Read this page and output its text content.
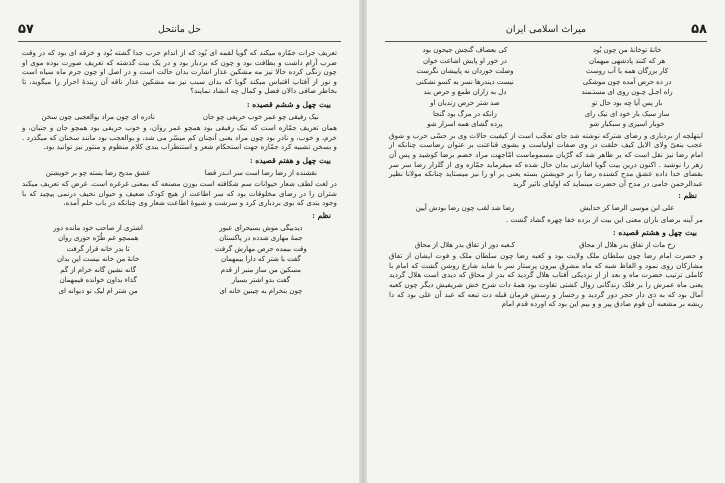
۵۷	حل مانتحل

تعریف جرات جمّازه میکند که گویا لقمه ای بُود که از اندام حرب جدا گشته بُود و خرقه ای بود که در وقت ضرب آرام داشت و بطافت بود و چون که بردبار بود و در یک بیت گذشته که تعریف صورت بوده موی او چون زنگی کرده حالا نیز مه مشکین عذار اشارت بدان حالت است و در اصل او چون جرم ماه سیاه است و نور از آفتاب اقتباس میکند گویا که بدان سبب نیز مه مشکین عذار ناقه آن زیندهٔ احرار را میگوید، تا بخاطر صافی دالان فضل و کمال چه انشاد نمایند؟

بیت چهل و ششم قصیده :
نیک رفیقی چو عمر خوب حریفی چو جان
نادره ای چون مراد بوالعجبی چون سخن

همان تعریف جمّازه است که نیک رفیقی بود همچو عمر روان، و خوب حریفی بود همچو جان و جنبان، و خرم، و خوب، و نادر بود چون مراد یعنی آنچنان کم میسّر می شد، و بوالعجب بود مانند سخنان که میگذرد . و بسخن تشبیه کرد جمّازه جهت استحکام شعر و استنطراب بندی کلام منظوم و منثور نیز توانید بود.

بیت چهل و هفتم قصیده :
نقشنده از رضا رضا است سر انـدر قضا
عشق مدیح رضا بسته چو بر خویشتن

در لغت لطف شعار حیوانات سم شکافته است بوزن مصنعه که بمعنی غرغره است. غرض که تعریف میکند شتران را در رضای مخلوقات بود که سر اطاعت از هیچ کودک ضعیف و حیوان نحیف درنمی پیچید که با وجود بندی که بوی بردباری کرد و سرشت و شیوهٔ اطاعت شعار وی چنانکه در باب حلم آمده،

نظم :
دیدبیگی موش بسیحرای عبور
اشتری از صاحب خود مانده دور
جمهٔ مهاری شدده در پاکستان
هممچو عم طُرّه حوری روان
وقت بیمده حرص مهارش گرفت
تا بدر خانه قرار گرفت
گفت با شتر که دارا بیمهمان
خانهٔ من خانه نیست این بدان
مسکین من ساز منبر از قدم
گانه نشین گانه خرام از گم
گفت بدو اشتر بسیار
گذاء بداون خوانده فیمهمان
چون بنخرام به چینین خانه ای
من شتر ام لیک تو دیوانه ای
۵۸
میراث اسلامی ایران
خانهٔ توخانهٔ من چون بُود
کی بعصاف گنجش جیحون بود
هر که کنند پادشهی میهمان
در خور او پایش اشاعت خوان
کار بزرگان همه با آب روست
وصلت خوردان نه پاییشان نگرست
در ده حرص آمده چون موشکی
نیست دیندرها نسر به کسو نشکنی
راه اجـل چـون روی ای مستـمند
دل به زاران طمع و حرص بند
باز پس آیا چه بود حال تو
صد شتر حرص زندیان او
ساز سبک بار خود ای نیک رای
زانکه در مرگ بود گنجا
خوبار اسیری و سبکبار شو
پرده گشای همه اسرار شو

ابتهلجه از بردباری و رضای شترکه نوشته شد جای تعجّب است از کیفیت حالات وی بر حسّی حرب و شوق عجب بنعیّ ولای الابل کیف خلقت در وی صفات اولیاست و بشوی قناعتت بر عنوان رضاست چنانکه از امام رضا نیز نقل است که بر ظاهر شد که گرّیان مسموماست امّاجهت مراد خصم برضا کوشید و پس آن زهر را نوشید . اکنون درین بیت گویا اشارتی بدان حال شده که میفرماید جمّازه وی از گلزار رضا سر سر بقضای خدا داده عشق مدح کشنده رضا را بر خویشتن بسته یعنی بر او را نیز میستاید چنانکه مولانا نظیر عبدالرحمن جامی در مدح آن حضرت مینماید که اولیای تاثیر گرید

نظم :
علی ابن موسی الرضا کز خدایش
رضا شد لقب چون رضا بودش آیین

مر آینه برضای باران معنی این بیت از برده خفا چهره گشاد گشت .

بیت چهل و هشتم قصیده :
رخ مات از تفاق بدر هلال از محاق
کـعبه دور از تفاق بدر هلال از محاق

و حضرت امام رضا چون سلطان ملک ولایت بود و کعبه رضا چون سلطان ملک و فوت ایشان از تفاق مشارکان روی نمود و الفاظ شبه که ماه مشرق بیرون پرستار سر با شاید شارع روشن گشت که امام با کاملی ترتیب حضرت ماه و بعد از از نزدیکی آفتاب هلال گردید که بدر از محاق که دیدی است هلال گردید یعنی ماه عمرش را بر فلک زندگانی زوال کشتی تفاوت بود همهٔ دات شرح خش شریفیش دیگر چون کعبه آمال بود که به ذی دار حجر دور گردید و رخسار و رسش فرمان قبله دت تبعه که عبد آن علی بود که دا ریشه بر مشعبه آن قوم صادق پیر و و بیم این بود که اورده قدم امام
